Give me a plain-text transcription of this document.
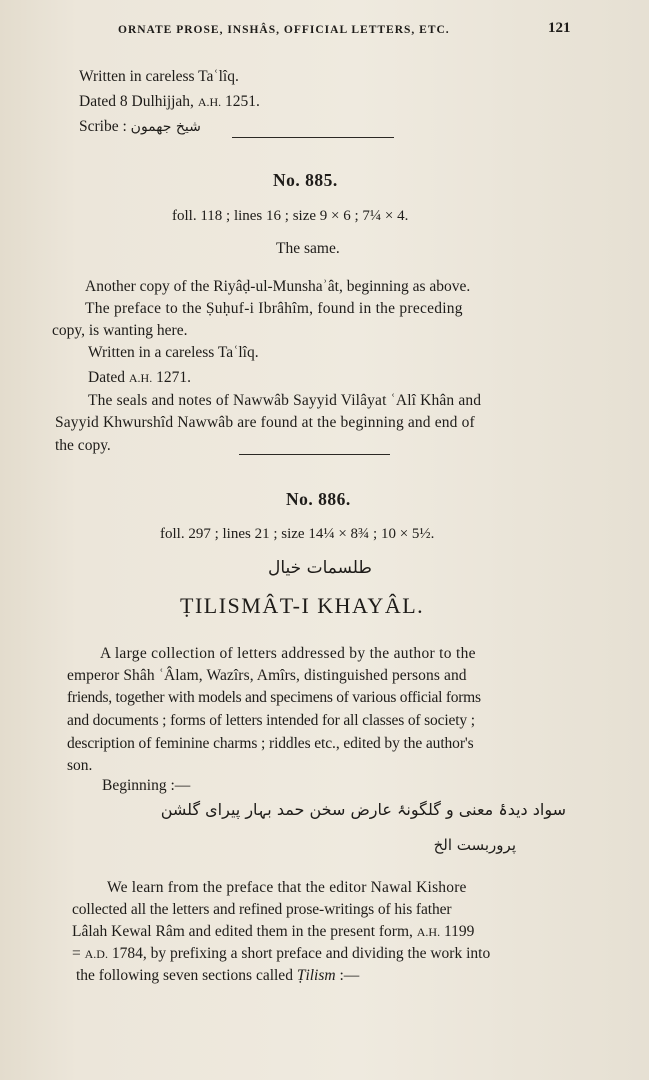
ORNATE PROSE, INSHÂS, OFFICIAL LETTERS, ETC.	121
Written in careless Taʿlîq.
Dated 8 Dulhijjah, A.H. 1251.
Scribe : شیخ جھمون
No. 885.
foll. 118 ; lines 16 ; size 9 × 6 ; 7¼ × 4.
The same.
Another copy of the Riyâḍ-ul-Munshaʾât, beginning as above.
The preface to the Ṣuḥuf-i Ibrâhîm, found in the preceding
copy, is wanting here.
Written in a careless Taʿlîq.
Dated A.H. 1271.
The seals and notes of Nawwâb Sayyid Vilâyat ʿAlî Khân and
Sayyid Khwurshîd Nawwâb are found at the beginning and end of
the copy.
No. 886.
foll. 297 ; lines 21 ; size 14¼ × 8¾ ; 10 × 5½.
طلسمات خیال
ṬILISMÂT-I KHAYÂL.
A large collection of letters addressed by the author to the
emperor Shâh ʿÂlam, Wazîrs, Amîrs, distinguished persons and
friends, together with models and specimens of various official forms
and documents ; forms of letters intended for all classes of society ;
description of feminine charms ; riddles etc., edited by the author's
son.
Beginning :—
سواد دیدۂ معنی و گلگونۂ عارض سخن حمد بہار پیرای گلشن
پروربست الخ
We learn from the preface that the editor Nawal Kishore
collected all the letters and refined prose-writings of his father
Lâlah Kewal Râm and edited them in the present form, A.H. 1199
= A.D. 1784, by prefixing a short preface and dividing the work into
the following seven sections called Ṭilism :—
